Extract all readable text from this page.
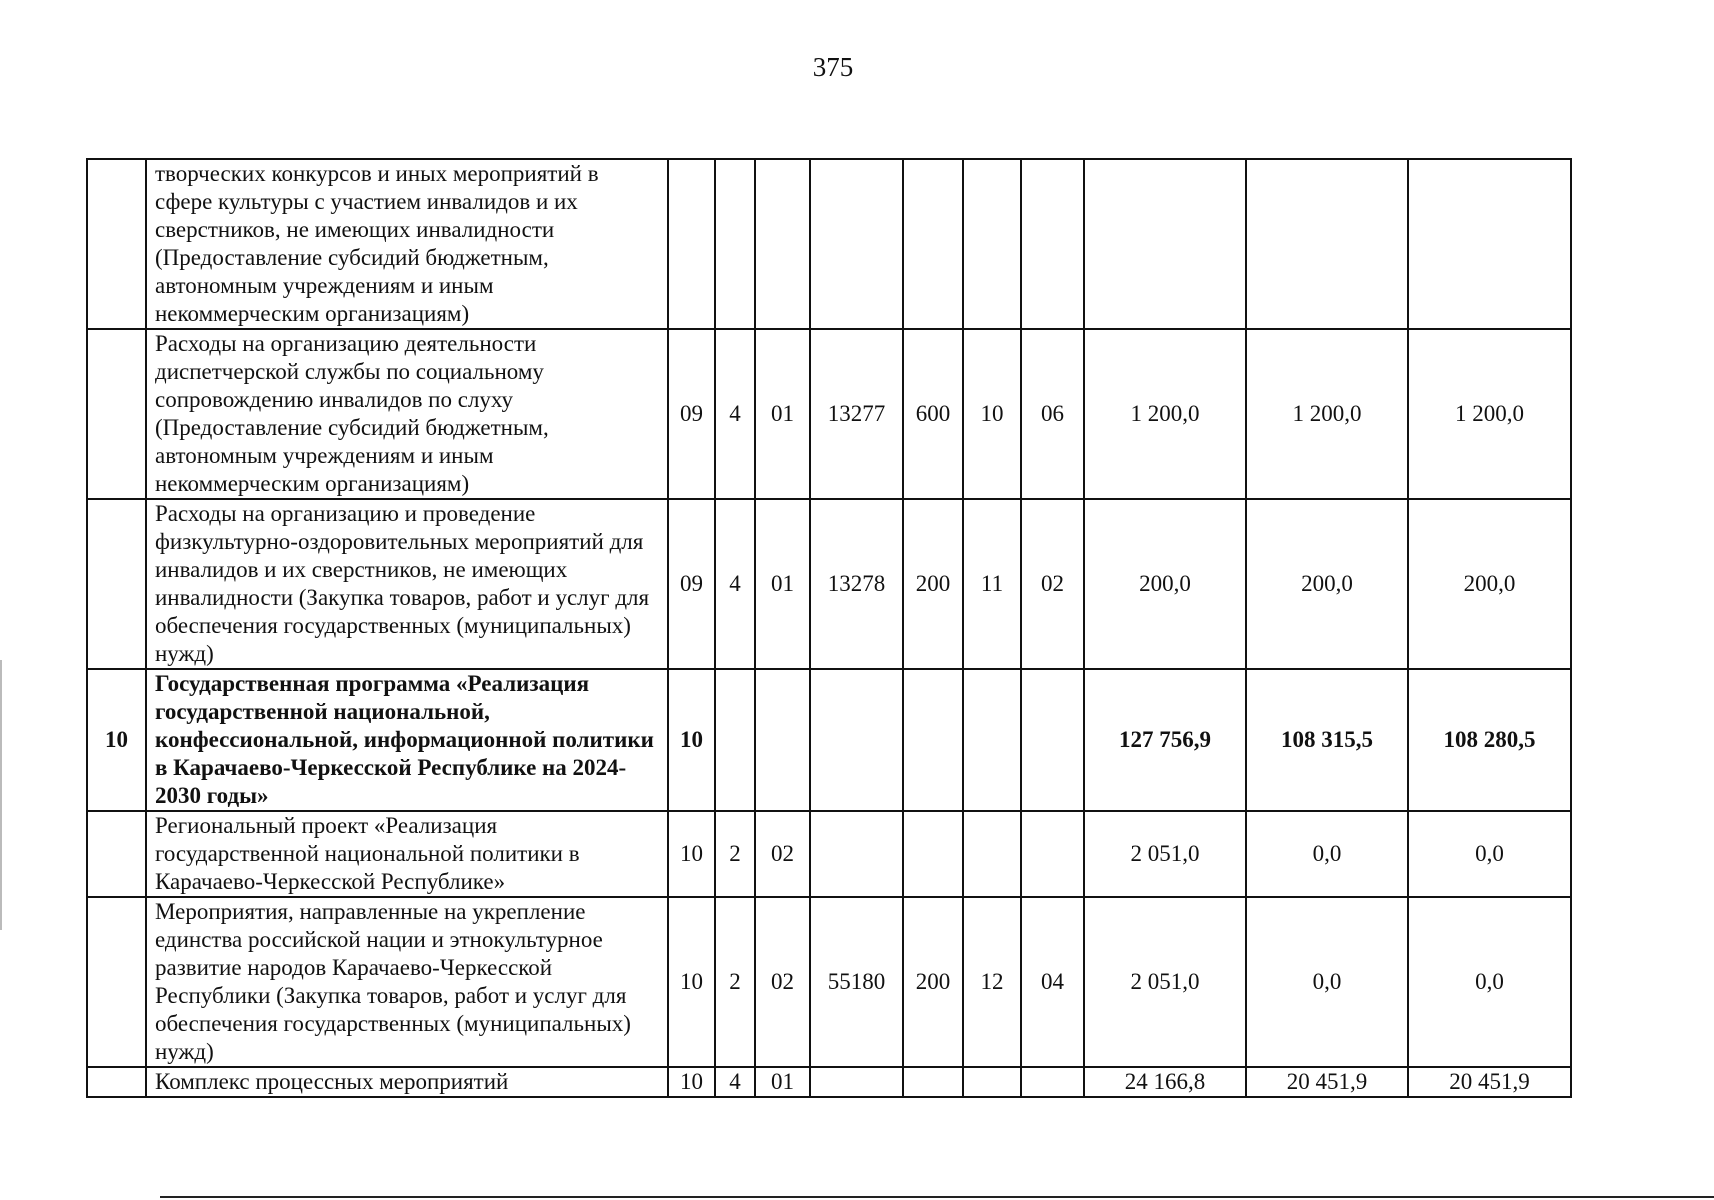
375
	творческих конкурсов и иных мероприятий в сфере культуры с участием инвалидов и их сверстников, не имеющих инвалидности (Предоставление субсидий бюджетным, автономным учреждениям и иным некоммерческим организациям)										
	Расходы на организацию деятельности диспетчерской службы по социальному сопровождению инвалидов по слуху (Предоставление субсидий бюджетным, автономным учреждениям и иным некоммерческим организациям)	09	4	01	13277	600	10	06	1 200,0	1 200,0	1 200,0
	Расходы на организацию и проведение физкультурно-оздоровительных мероприятий для инвалидов и их сверстников, не имеющих инвалидности (Закупка товаров, работ и услуг для обеспечения государственных (муниципальных) нужд)	09	4	01	13278	200	11	02	200,0	200,0	200,0
10	Государственная программа «Реализация государственной национальной, конфессиональной, информационной политики в Карачаево-Черкесской Республике на 2024-2030 годы»	10							127 756,9	108 315,5	108 280,5
	Региональный проект «Реализация государственной национальной политики в Карачаево-Черкесской Республике»	10	2	02					2 051,0	0,0	0,0
	Мероприятия, направленные на укрепление единства российской нации и этнокультурное развитие народов Карачаево-Черкесской Республики (Закупка товаров, работ и услуг для обеспечения государственных (муниципальных) нужд)	10	2	02	55180	200	12	04	2 051,0	0,0	0,0
	Комплекс процессных мероприятий	10	4	01					24 166,8	20 451,9	20 451,9
